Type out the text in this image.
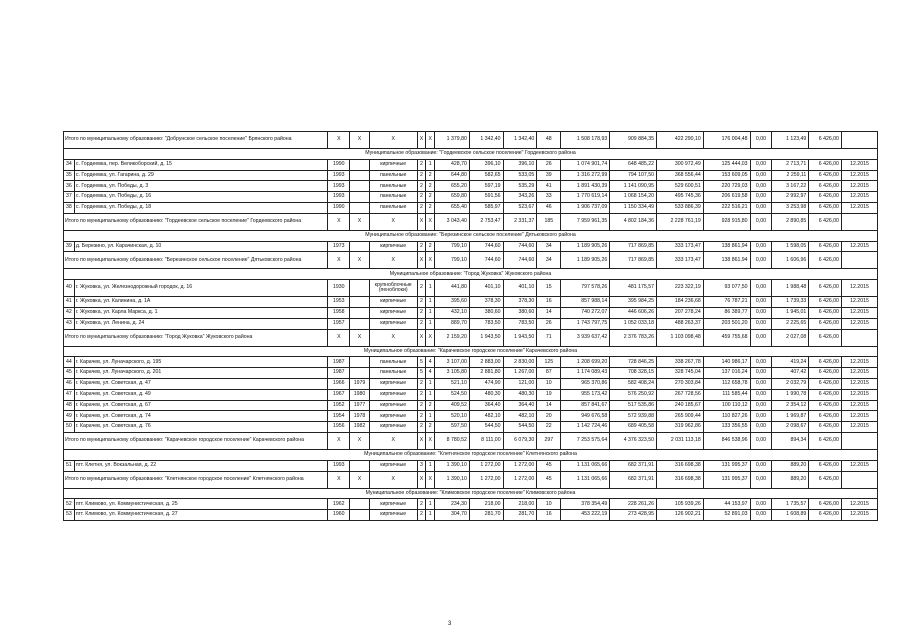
Итого по муниципальному образованию: "Добрунское сельское поселение" Брянского района		X	X	X	X	X	1 379,80	1 342,40	1 342,40	48	1 508 178,93	909 884,35	422 290,10	176 004,48	0,00	1 123,49	6 426,00	
Муниципальное образование: "Гордеевское сельское поселение" Гордеевского района																		
34	с. Гордеевка, пер. Великоборский, д. 15	1990		кирпичные	2	1	428,70	396,10	396,10	26	1 074 901,74	648 485,22	300 972,49	125 444,03	0,00	2 713,71	6 426,00	12.2015
35	с. Гордеевка, ул. Гагарина, д. 29	1993		панельные	2	2	644,80	582,65	533,05	39	1 316 272,99	794 107,50	368 556,44	153 609,05	0,00	2 259,11	6 426,00	12.2015
36	с. Гордеевка, ул. Победы, д. 3	1993		панельные	2	2	655,20	597,19	535,29	41	1 891 430,39	1 141 090,95	529 600,51	220 729,03	0,00	3 167,22	6 426,00	12.2015
37	с. Гордеевка, ул. Победы, д. 16	1993		панельные	2	2	659,80	591,56	343,26	33	1 770 619,14	1 068 154,20	495 745,36	206 619,58	0,00	2 992,97	6 426,00	12.2015
38	с. Гордеевка, ул. Победы, д. 18	1990		панельные	2	2	655,40	585,97	523,67	46	1 906 737,09	1 150 334,49	533 886,39	222 516,21	0,00	3 253,98	6 426,00	12.2015
Итого по муниципальному образованию: "Гордеевское сельское поселение" Гордеевского района		X	X	X	X	X	3 043,40	2 753,47	2 331,37	185	7 959 961,35	4 802 184,36	2 228 761,19	928 915,80	0,00	2 890,85	6 426,00	
Муниципальное образование: "Березинское сельское поселение" Дятьковского района																		
39	д. Березино, ул. Карачинская, д. 10	1973		кирпичные	2	2	799,10	744,60	744,60	34	1 189 905,26	717 869,85	333 173,47	138 861,94	0,00	1 598,05	6 426,00	12.2015
Итого по муниципальному образованию: "Березинское сельское поселение" Дятьковского района		X	X	X	X	X	799,10	744,60	744,60	34	1 189 905,26	717 869,85	333 173,47	138 861,94	0,00	1 606,96	6 426,00	
Муниципальное образование: "Город Жуковка" Жуковского района																		
40	г. Жуковка, ул. Железнодорожный городок, д. 16	1930		крупноблочные (пеноблоки)	2	1	441,80	401,10	401,10	15	797 578,26	481 175,57	223 322,19	93 077,50	0,00	1 988,48	6 426,00	12.2015
41	г. Жуковка, ул. Калинина, д. 1А	1953		кирпичные	2	1	395,60	378,30	378,30	16	857 988,14	395 984,25	184 236,68	76 787,21	0,00	1 739,33	6 426,00	12.2015
42	г. Жуковка, ул. Карла Маркса, д. 1	1958		кирпичные	2	1	432,10	380,60	380,60	14	740 272,07	446 606,26	207 278,24	86 389,77	0,00	1 945,01	6 426,00	12.2015
43	г. Жуковка, ул. Ленина, д. 24	1957		кирпичные	2	1	889,70	783,50	783,50	26	1 743 797,75	1 052 033,18	488 263,37	203 501,20	0,00	2 225,65	6 426,00	12.2015
Итого по муниципальному образованию: "Город Жуковка" Жуковского района		X	X	X	X	X	2 159,20	1 943,50	1 943,50	71	3 939 637,42	2 376 783,26	1 103 098,48	459 755,68	0,00	2 027,08	6 426,00	
Муниципальное образование: "Карачевское городское поселение" Карачевского района																		
44	г. Карачев, ул. Луначарского, д. 195	1987		панельные	5	4	3 107,00	2 883,00	2 830,00	125	1 208 699,20	728 846,25	338 267,78	140 986,17	0,00	419,24	6 426,00	12.2015
45	г. Карачев, ул. Луначарского, д. 201	1987		панельные	5	4	3 105,80	2 881,80	1 267,00	87	1 174 089,43	708 328,15	328 745,04	137 016,24	0,00	407,42	6 426,00	12.2015
46	г. Карачев, ул. Советская, д. 47	1966	1979	кирпичные	2	1	521,10	474,90	121,00	10	965 370,86	582 408,24	270 303,84	112 658,78	0,00	2 032,79	6 426,00	12.2015
47	г. Карачев, ул. Советская, д. 49	1967	1980	кирпичные	2	1	524,50	480,30	480,30	19	955 173,42	576 250,92	267 728,56	111 585,44	0,00	1 990,78	6 426,00	12.2015
48	г. Карачев, ул. Советская, д. 67	1952	1977	кирпичные	2	2	409,52	364,40	364,40	14	857 841,67	517 535,86	240 185,67	100 110,12	0,00	2 354,12	6 426,00	12.2015
49	г. Карачев, ул. Советская, д. 74	1954	1978	кирпичные	2	1	520,10	482,10	482,10	20	949 676,58	572 939,88	265 909,44	110 827,26	0,00	1 969,87	6 426,00	12.2015
50	г. Карачев, ул. Советская, д. 76	1956	1982	кирпичные	2	2	597,50	544,50	544,50	22	1 142 724,46	689 405,58	319 962,86	133 356,55	0,00	2 098,67	6 426,00	12.2015
Итого по муниципальному образованию: "Карачевское городское поселение" Карачевского района		X	X	X	X	X	8 780,52	8 111,00	6 079,30	297	7 253 575,64	4 376 323,50	2 031 113,18	846 538,96	0,00	894,34	6 426,00	
Муниципальное образование: "Клетнянское городское поселение" Клетнянского района																		
51	пгт. Клетня, ул. Вокзальная, д. 22	1993		кирпичные	3	1	1 390,10	1 272,00	1 272,00	45	1 131 065,66	682 371,91	316 698,38	131 995,37	0,00	889,20	6 426,00	12.2015
Итого по муниципальному образованию: "Клетнянское городское поселение" Клетнянского района		X	X	X	X	X	1 390,10	1 272,00	1 272,00	45	1 131 065,66	682 371,91	316 698,38	131 995,37	0,00	889,20	6 426,00	
Муниципальное образование: "Климовское городское поселение" Климовского района																		
52	пгт. Климово, ул. Коммунистическая, д. 25	1962		кирпичные	2	1	234,30	218,00	218,00	10	378 354,49	228 261,26	105 939,26	44 153,97	0,00	1 735,57	6 426,00	12.2015
53	пгт. Климово, ул. Коммунистическая, д. 27	1960		кирпичные	2	1	304,70	281,70	281,70	16	453 222,19	273 428,95	126 902,21	52 891,03	0,00	1 608,89	6 426,00	12.2015
3
